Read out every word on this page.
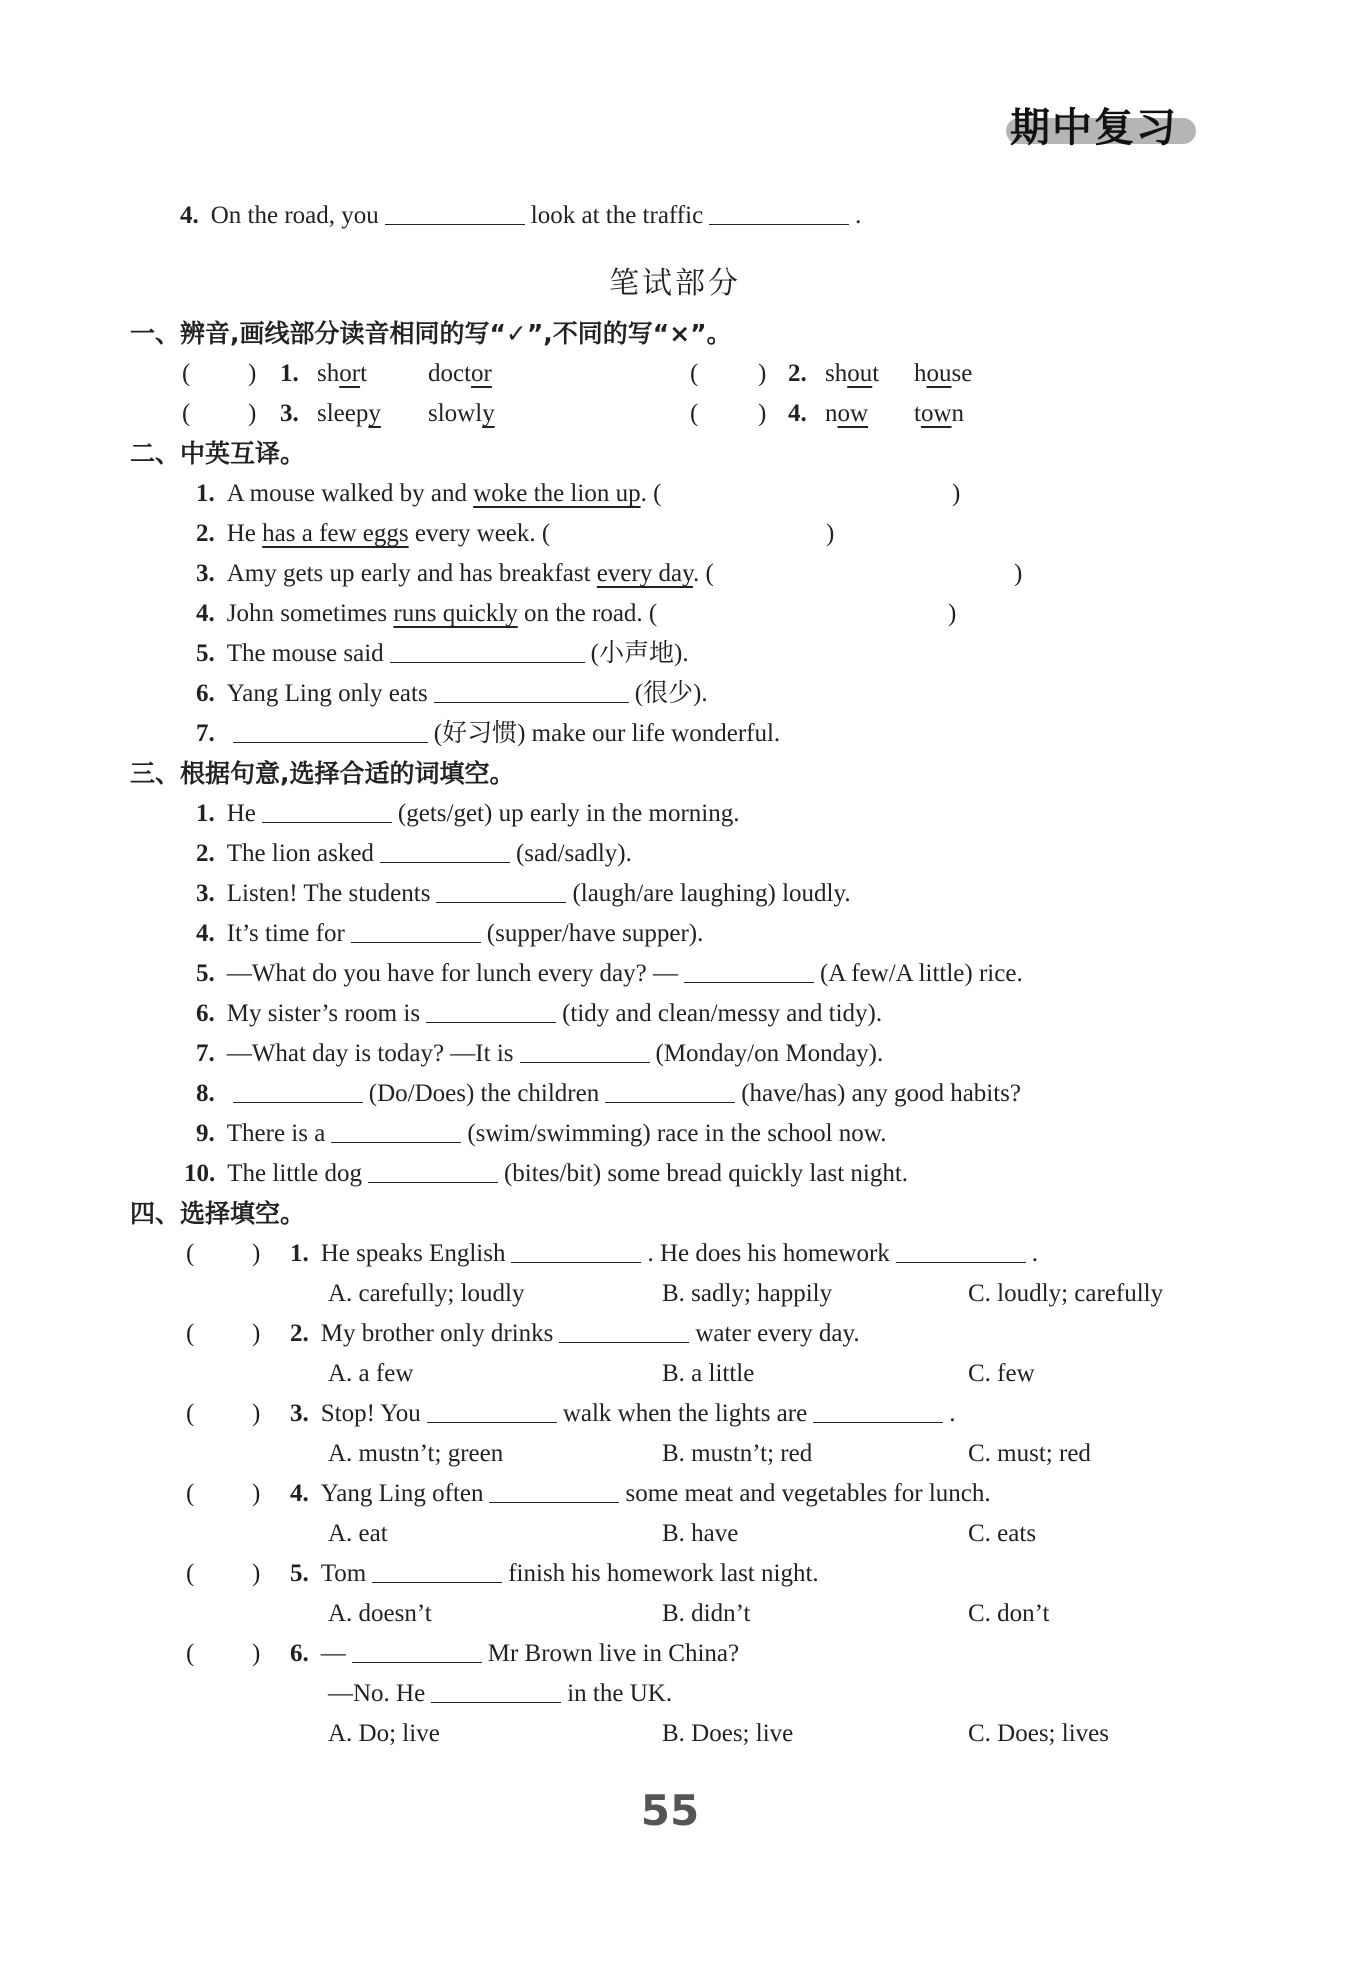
期中复习
4. On the road, you	look at the traffic	.
笔试部分
一、辨音,画线部分读音相同的写“✓”,不同的写“×”。
( ) 1. short doctor	( ) 2. shout house
( ) 3. sleepy slowly	( ) 4. now town
二、中英互译。
1. A mouse walked by and woke the lion up. (	)
2. He has a few eggs every week. (	)
3. Amy gets up early and has breakfast every day. (	)
4. John sometimes runs quickly on the road. (	)
5. The mouse said	(小声地).
6. Yang Ling only eats	(很少).
7.	(好习惯) make our life wonderful.
三、根据句意,选择合适的词填空。
1. He	(gets/get) up early in the morning.
2. The lion asked	(sad/sadly).
3. Listen! The students	(laugh/are laughing) loudly.
4. It’s time for	(supper/have supper).
5. —What do you have for lunch every day? —	(A few/A little) rice.
6. My sister’s room is	(tidy and clean/messy and tidy).
7. —What day is today? —It is	(Monday/on Monday).
8.	(Do/Does) the children	(have/has) any good habits?
9. There is a	(swim/swimming) race in the school now.
10. The little dog	(bites/bit) some bread quickly last night.
四、选择填空。
( ) 1. He speaks English	. He does his homework	.
A. carefully; loudly	B. sadly; happily	C. loudly; carefully
( ) 2. My brother only drinks	water every day.
A. a few	B. a little	C. few
( ) 3. Stop! You	walk when the lights are	.
A. mustn’t; green	B. mustn’t; red	C. must; red
( ) 4. Yang Ling often	some meat and vegetables for lunch.
A. eat	B. have	C. eats
( ) 5. Tom	finish his homework last night.
A. doesn’t	B. didn’t	C. don’t
( ) 6. —	Mr Brown live in China?
—No. He	in the UK.
A. Do; live	B. Does; live	C. Does; lives
55
